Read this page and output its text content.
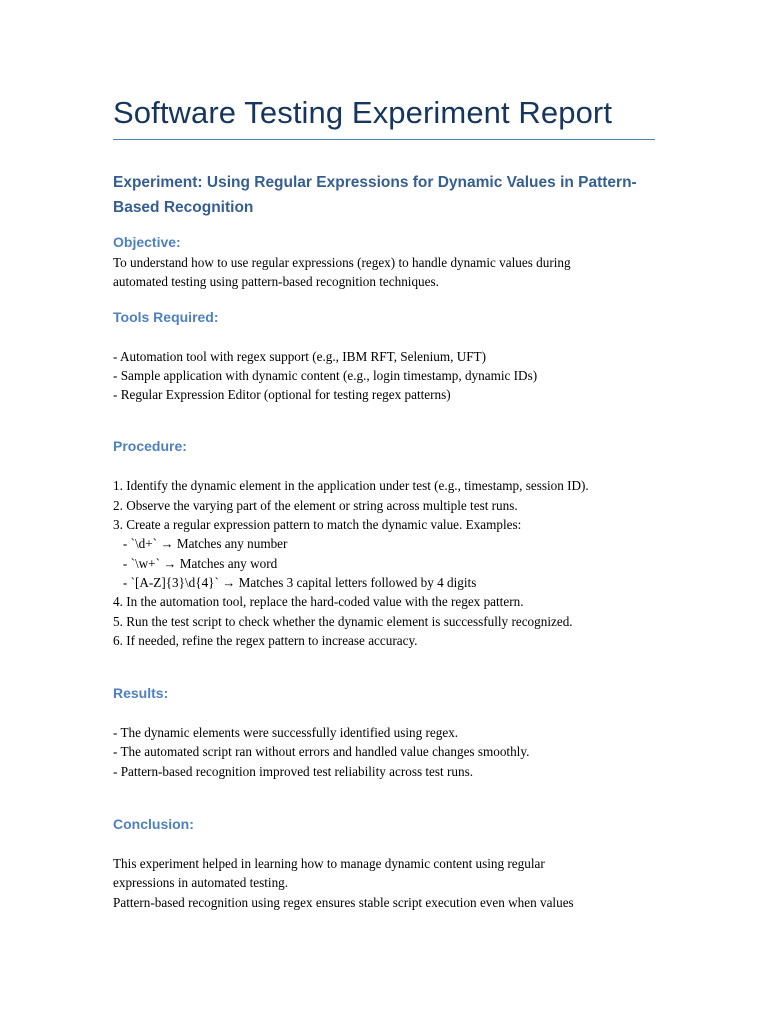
Software Testing Experiment Report
Experiment: Using Regular Expressions for Dynamic Values in Pattern-
Based Recognition
Objective:

To understand how to use regular expressions (regex) to handle dynamic values during
automated testing using pattern-based recognition techniques.

Tools Required:

- Automation tool with regex support (e.g., IBM RFT, Selenium, UFT)
- Sample application with dynamic content (e.g., login timestamp, dynamic IDs)
- Regular Expression Editor (optional for testing regex patterns)

Procedure:

1. Identify the dynamic element in the application under test (e.g., timestamp, session ID).
2. Observe the varying part of the element or string across multiple test runs.
3. Create a regular expression pattern to match the dynamic value. Examples:
- `\d+` → Matches any number
- `\w+` → Matches any word
- `[A-Z]{3}\d{4}` → Matches 3 capital letters followed by 4 digits
4. In the automation tool, replace the hard-coded value with the regex pattern.
5. Run the test script to check whether the dynamic element is successfully recognized.
6. If needed, refine the regex pattern to increase accuracy.

Results:

- The dynamic elements were successfully identified using regex.
- The automated script ran without errors and handled value changes smoothly.
- Pattern-based recognition improved test reliability across test runs.

Conclusion:

This experiment helped in learning how to manage dynamic content using regular
expressions in automated testing.
Pattern-based recognition using regex ensures stable script execution even when values
